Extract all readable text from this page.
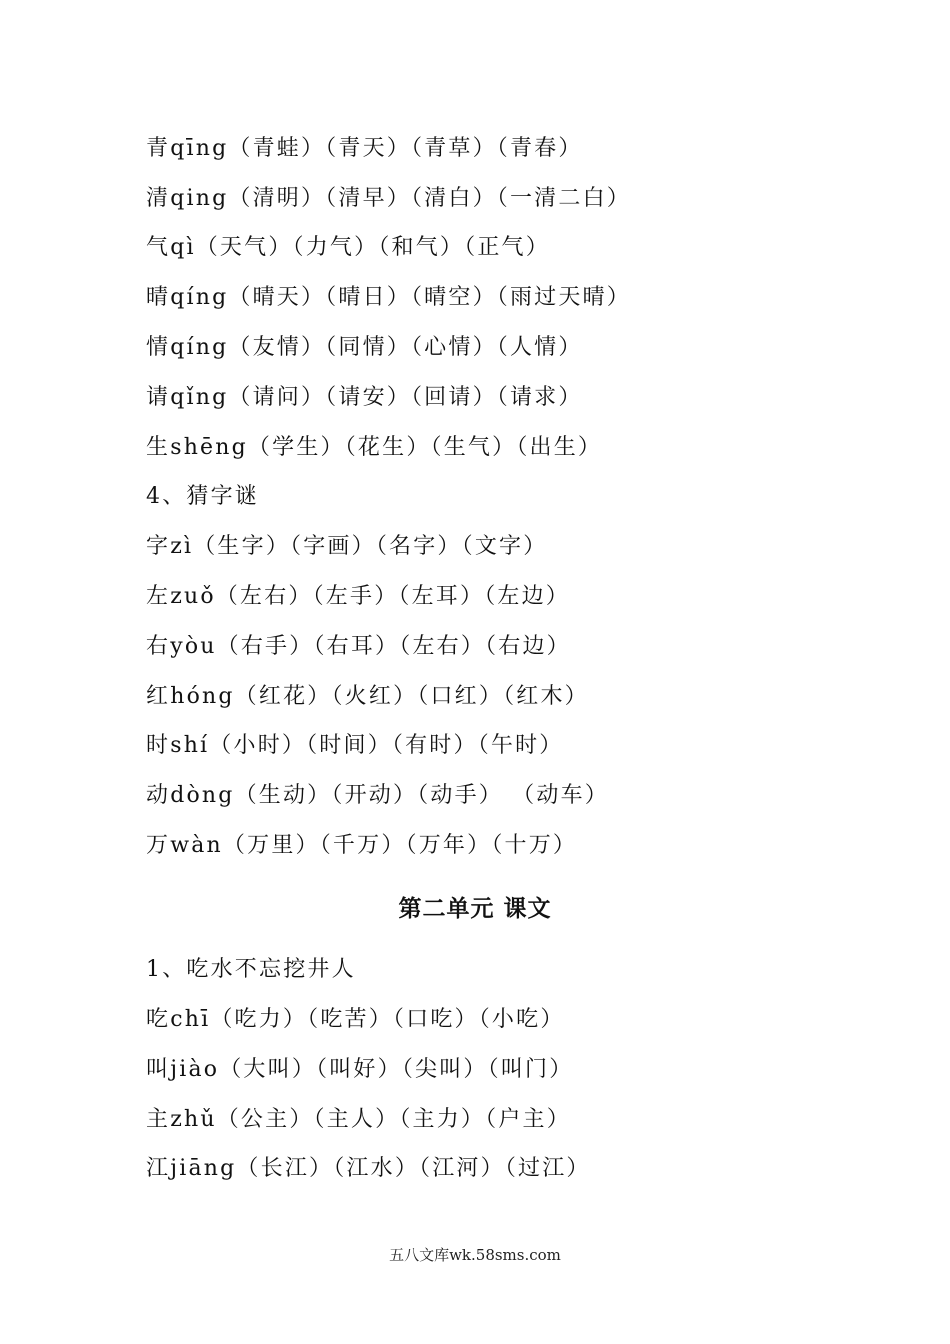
青qīng（青蛙）（青天）（青草）（青春）
清qing（清明）（清早）（清白）（一清二白）
气qì（天气）（力气）（和气）（正气）
晴qíng（晴天）（晴日）（晴空）（雨过天晴）
情qíng（友情）（同情）（心情）（人情）
请qǐng（请问）（请安）（回请）（请求）
生shēng（学生）（花生）（生气）（出生）
4、猜字谜
字zì（生字）（字画）（名字）（文字）
左zuǒ（左右）（左手）（左耳）（左边）
右yòu（右手）（右耳）（左右）（右边）
红hóng（红花）（火红）（口红）（红木）
时shí（小时）（时间）（有时）（午时）
动dòng（生动）（开动）（动手） （动车）
万wàn（万里）（千万）（万年）（十万）
第二单元 课文
1、吃水不忘挖井人
吃chī（吃力）（吃苦）（口吃）（小吃）
叫jiào（大叫）（叫好）（尖叫）（叫门）
主zhǔ（公主）（主人）（主力）（户主）
江jiāng（长江）（江水）（江河）（过江）
五八文库wk.58sms.com
